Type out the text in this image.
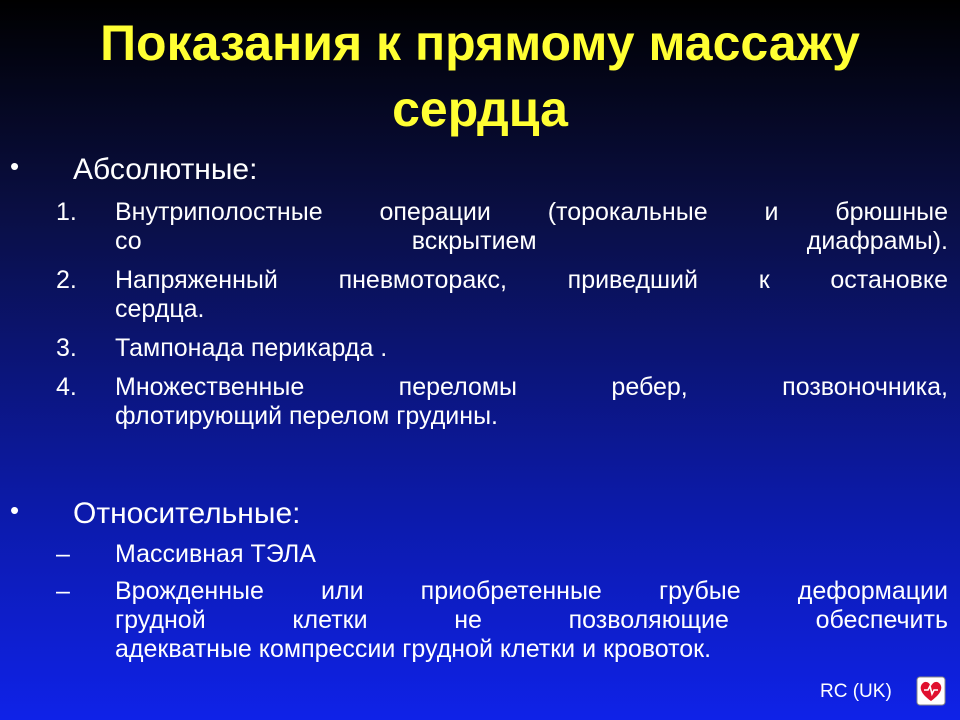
Показания к прямому массажу
сердца
• Абсолютные:
1. Внутриполостные операции (торокальные и брюшные
со вскрытием диафрамы).
2. Напряженный пневмоторакс, приведший к остановке
сердца.
3. Тампонада перикарда .
4. Множественные переломы ребер, позвоночника,
флотирующий перелом грудины.
• Относительные:
– Массивная ТЭЛА
– Врожденные или приобретенные грубые деформации
грудной клетки не позволяющие обеспечить
адекватные компрессии грудной клетки и кровоток.
RC (UK)
